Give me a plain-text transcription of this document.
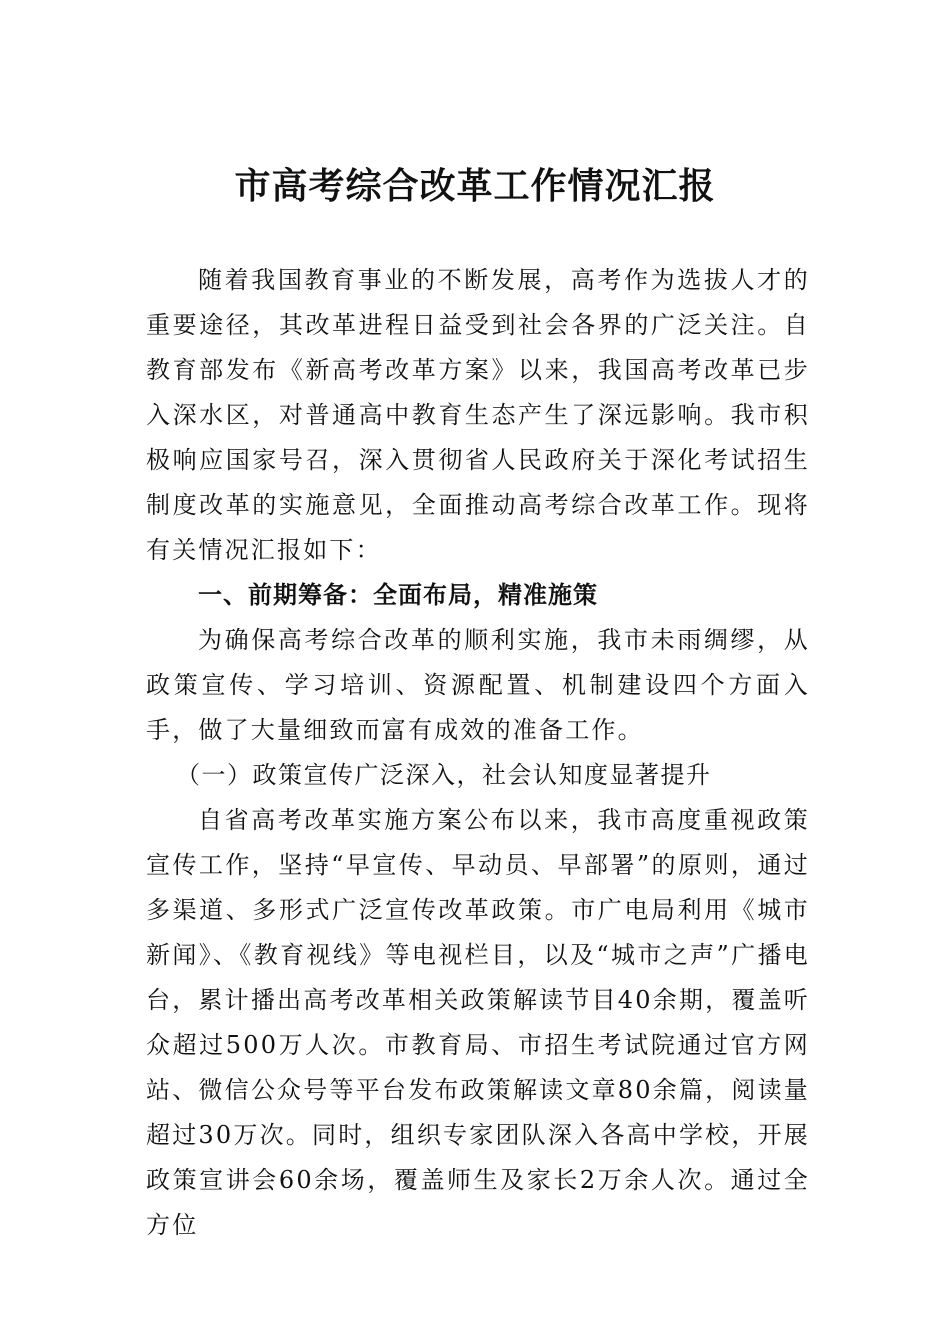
市高考综合改革工作情况汇报

随着我国教育事业的不断发展，高考作为选拔人才的重要途径，其改革进程日益受到社会各界的广泛关注。自教育部发布《新高考改革方案》以来，我国高考改革已步入深水区，对普通高中教育生态产生了深远影响。我市积极响应国家号召，深入贯彻省人民政府关于深化考试招生制度改革的实施意见，全面推动高考综合改革工作。现将有关情况汇报如下：

一、前期筹备：全面布局，精准施策

为确保高考综合改革的顺利实施，我市未雨绸缪，从政策宣传、学习培训、资源配置、机制建设四个方面入手，做了大量细致而富有成效的准备工作。

（一）政策宣传广泛深入，社会认知度显著提升

自省高考改革实施方案公布以来，我市高度重视政策宣传工作，坚持“早宣传、早动员、早部署”的原则，通过多渠道、多形式广泛宣传改革政策。市广电局利用《城市新闻》、《教育视线》等电视栏目，以及“城市之声”广播电台，累计播出高考改革相关政策解读节目40余期，覆盖听众超过500万人次。市教育局、市招生考试院通过官方网站、微信公众号等平台发布政策解读文章80余篇，阅读量超过30万次。同时，组织专家团队深入各高中学校，开展政策宣讲会60余场，覆盖师生及家长2万余人次。通过全方位
